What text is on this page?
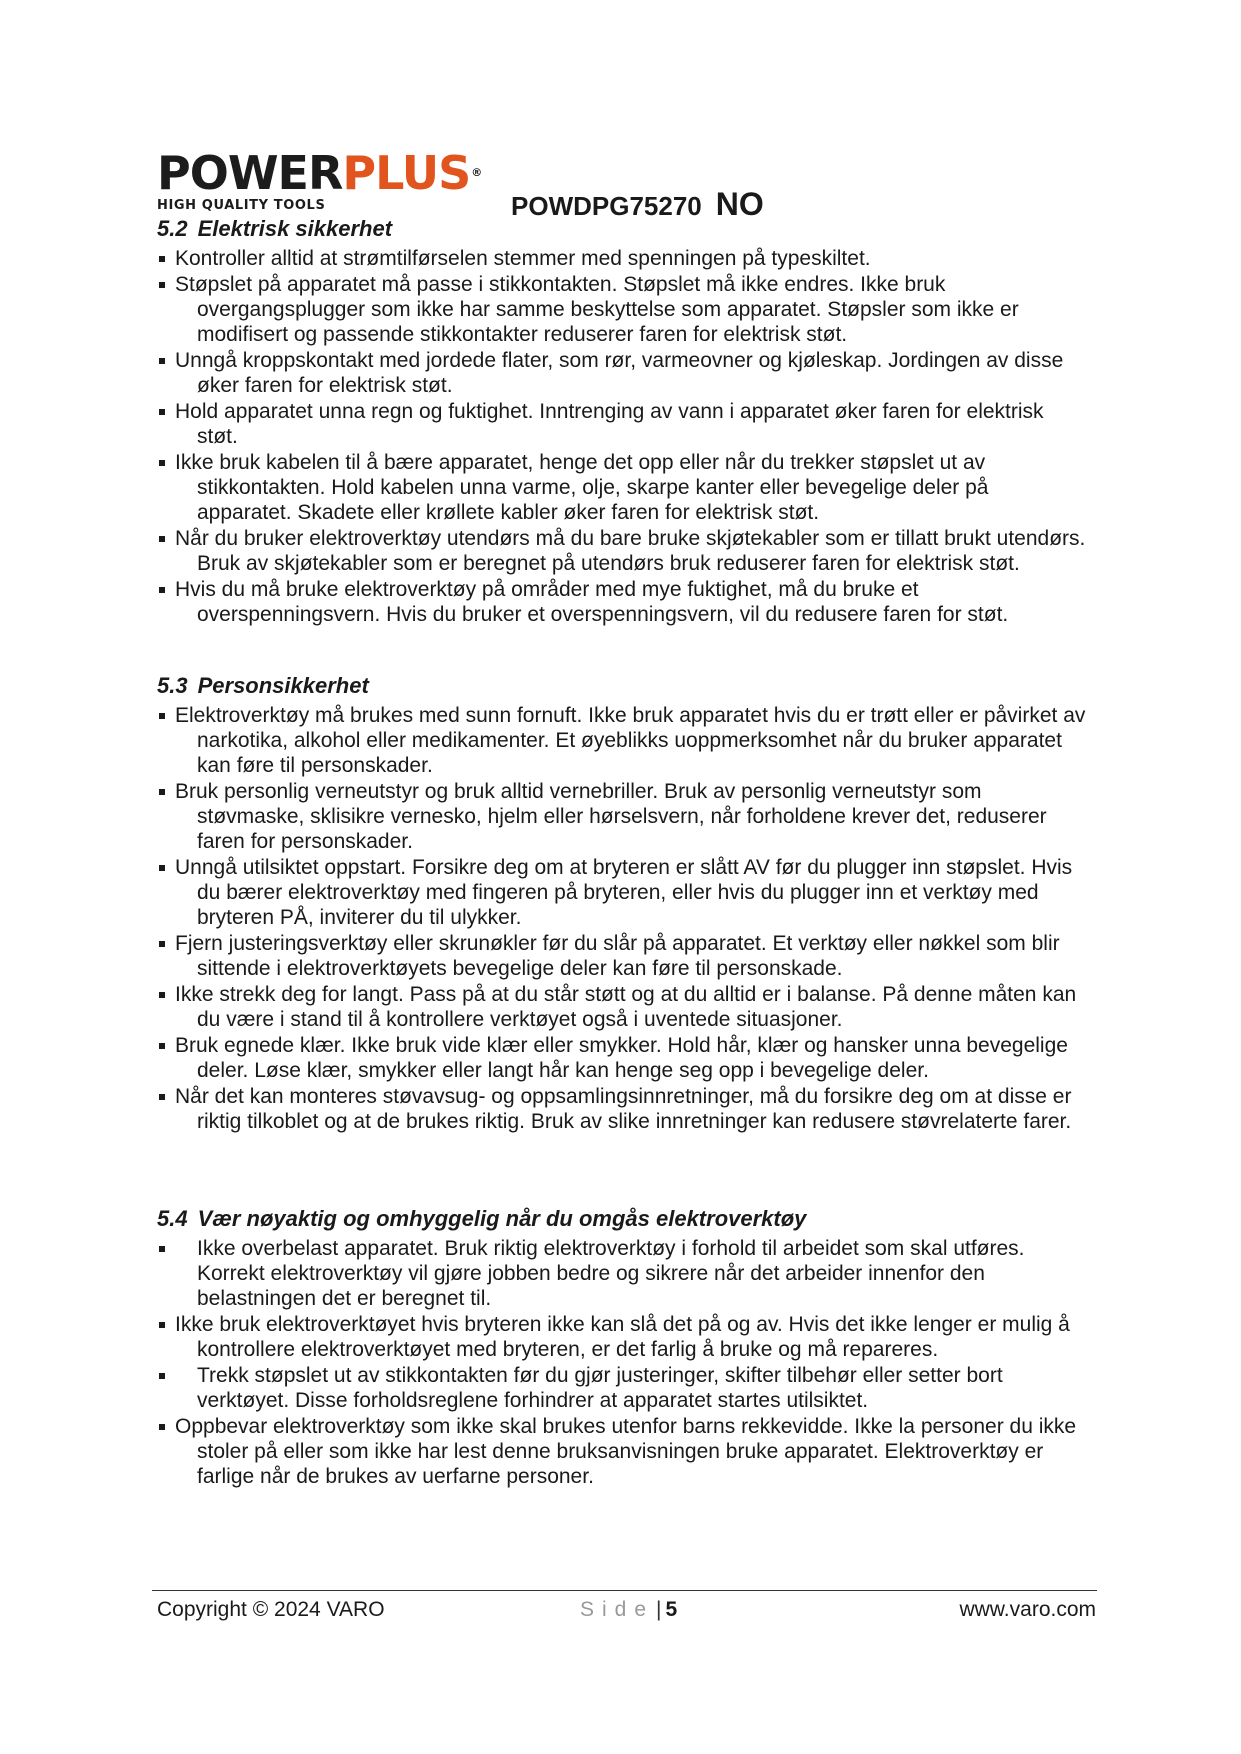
POWERPLUS®
HIGH QUALITY TOOLS	POWDPG75270 NO
5.2 Elektrisk sikkerhet
Kontroller alltid at strømtilførselen stemmer med spenningen på typeskiltet.
Støpslet på apparatet må passe i stikkontakten. Støpslet må ikke endres. Ikke bruk overgangsplugger som ikke har samme beskyttelse som apparatet. Støpsler som ikke er modifisert og passende stikkontakter reduserer faren for elektrisk støt.
Unngå kroppskontakt med jordede flater, som rør, varmeovner og kjøleskap. Jordingen av disse øker faren for elektrisk støt.
Hold apparatet unna regn og fuktighet. Inntrenging av vann i apparatet øker faren for elektrisk støt.
Ikke bruk kabelen til å bære apparatet, henge det opp eller når du trekker støpslet ut av stikkontakten. Hold kabelen unna varme, olje, skarpe kanter eller bevegelige deler på apparatet. Skadete eller krøllete kabler øker faren for elektrisk støt.
Når du bruker elektroverktøy utendørs må du bare bruke skjøtekabler som er tillatt brukt utendørs. Bruk av skjøtekabler som er beregnet på utendørs bruk reduserer faren for elektrisk støt.
Hvis du må bruke elektroverktøy på områder med mye fuktighet, må du bruke et overspenningsvern. Hvis du bruker et overspenningsvern, vil du redusere faren for støt.
5.3 Personsikkerhet
Elektroverktøy må brukes med sunn fornuft. Ikke bruk apparatet hvis du er trøtt eller er påvirket av narkotika, alkohol eller medikamenter. Et øyeblikks uoppmerksomhet når du bruker apparatet kan føre til personskader.
Bruk personlig verneutstyr og bruk alltid vernebriller. Bruk av personlig verneutstyr som støvmaske, sklisikre vernesko, hjelm eller hørselsvern, når forholdene krever det, reduserer faren for personskader.
Unngå utilsiktet oppstart. Forsikre deg om at bryteren er slått AV før du plugger inn støpslet. Hvis du bærer elektroverktøy med fingeren på bryteren, eller hvis du plugger inn et verktøy med bryteren PÅ, inviterer du til ulykker.
Fjern justeringsverktøy eller skrunøkler før du slår på apparatet. Et verktøy eller nøkkel som blir sittende i elektroverktøyets bevegelige deler kan føre til personskade.
Ikke strekk deg for langt. Pass på at du står støtt og at du alltid er i balanse. På denne måten kan du være i stand til å kontrollere verktøyet også i uventede situasjoner.
Bruk egnede klær. Ikke bruk vide klær eller smykker. Hold hår, klær og hansker unna bevegelige deler. Løse klær, smykker eller langt hår kan henge seg opp i bevegelige deler.
Når det kan monteres støvavsug- og oppsamlingsinnretninger, må du forsikre deg om at disse er riktig tilkoblet og at de brukes riktig. Bruk av slike innretninger kan redusere støvrelaterte farer.
5.4 Vær nøyaktig og omhyggelig når du omgås elektroverktøy
Ikke overbelast apparatet. Bruk riktig elektroverktøy i forhold til arbeidet som skal utføres. Korrekt elektroverktøy vil gjøre jobben bedre og sikrere når det arbeider innenfor den belastningen det er beregnet til.
Ikke bruk elektroverktøyet hvis bryteren ikke kan slå det på og av. Hvis det ikke lenger er mulig å kontrollere elektroverktøyet med bryteren, er det farlig å bruke og må repareres.
Trekk støpslet ut av stikkontakten før du gjør justeringer, skifter tilbehør eller setter bort verktøyet. Disse forholdsreglene forhindrer at apparatet startes utilsiktet.
Oppbevar elektroverktøy som ikke skal brukes utenfor barns rekkevidde. Ikke la personer du ikke stoler på eller som ikke har lest denne bruksanvisningen bruke apparatet. Elektroverktøy er farlige når de brukes av uerfarne personer.
Copyright © 2024 VARO	Side| 5	www.varo.com
